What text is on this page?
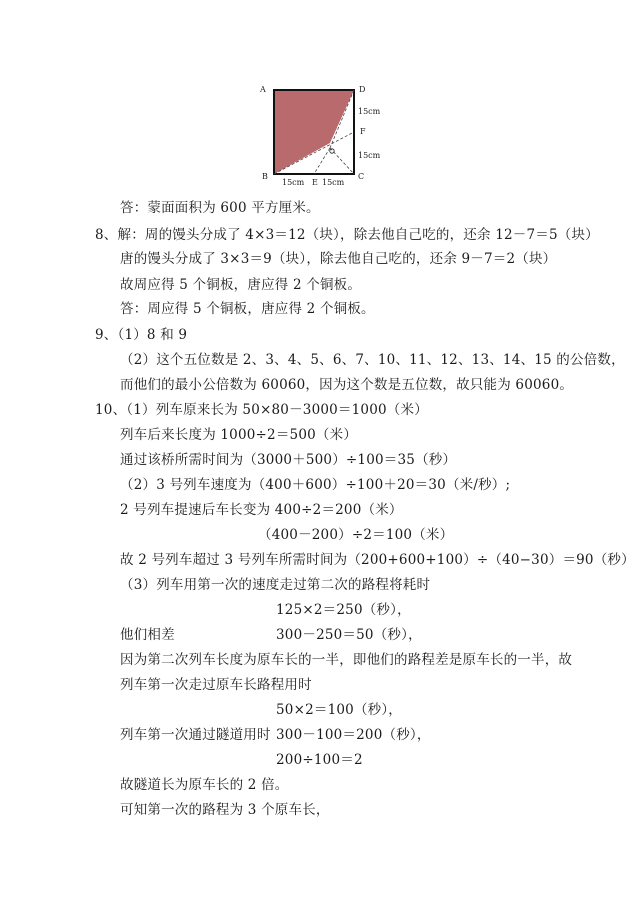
A	D
15cm
F
15cm
B	C
15cm E 15cm
答：蒙面面积为 600 平方厘米。
8、解：周的馒头分成了 4×3＝12（块），除去他自己吃的，还余 12－7＝5（块）
唐的馒头分成了 3×3＝9（块），除去他自己吃的，还余 9－7＝2（块）
故周应得 5 个铜板，唐应得 2 个铜板。
答：周应得 5 个铜板，唐应得 2 个铜板。
9、（1）8 和 9
（2）这个五位数是 2、3、4、5、6、7、10、11、12、13、14、15 的公倍数，
而他们的最小公倍数为 60060，因为这个数是五位数，故只能为 60060。
10、（1）列车原来长为 50×80－3000＝1000（米）
列车后来长度为 1000÷2＝500（米）
通过该桥所需时间为（3000＋500）÷100＝35（秒）
（2）3 号列车速度为（400＋600）÷100＋20＝30（米/秒）;
2 号列车提速后车长变为 400÷2＝200（米）
（400－200）÷2＝100（米）
故 2 号列车超过 3 号列车所需时间为（200+600+100）÷（40−30）＝90（秒）
（3）列车用第一次的速度走过第二次的路程将耗时
125×2＝250（秒），
他们相差	300－250＝50（秒），
因为第二次列车长度为原车长的一半，即他们的路程差是原车长的一半，故
列车第一次走过原车长路程用时
50×2＝100（秒），
列车第一次通过隧道用时 300－100＝200（秒），
200÷100＝2
故隧道长为原车长的 2 倍。
可知第一次的路程为 3 个原车长，
